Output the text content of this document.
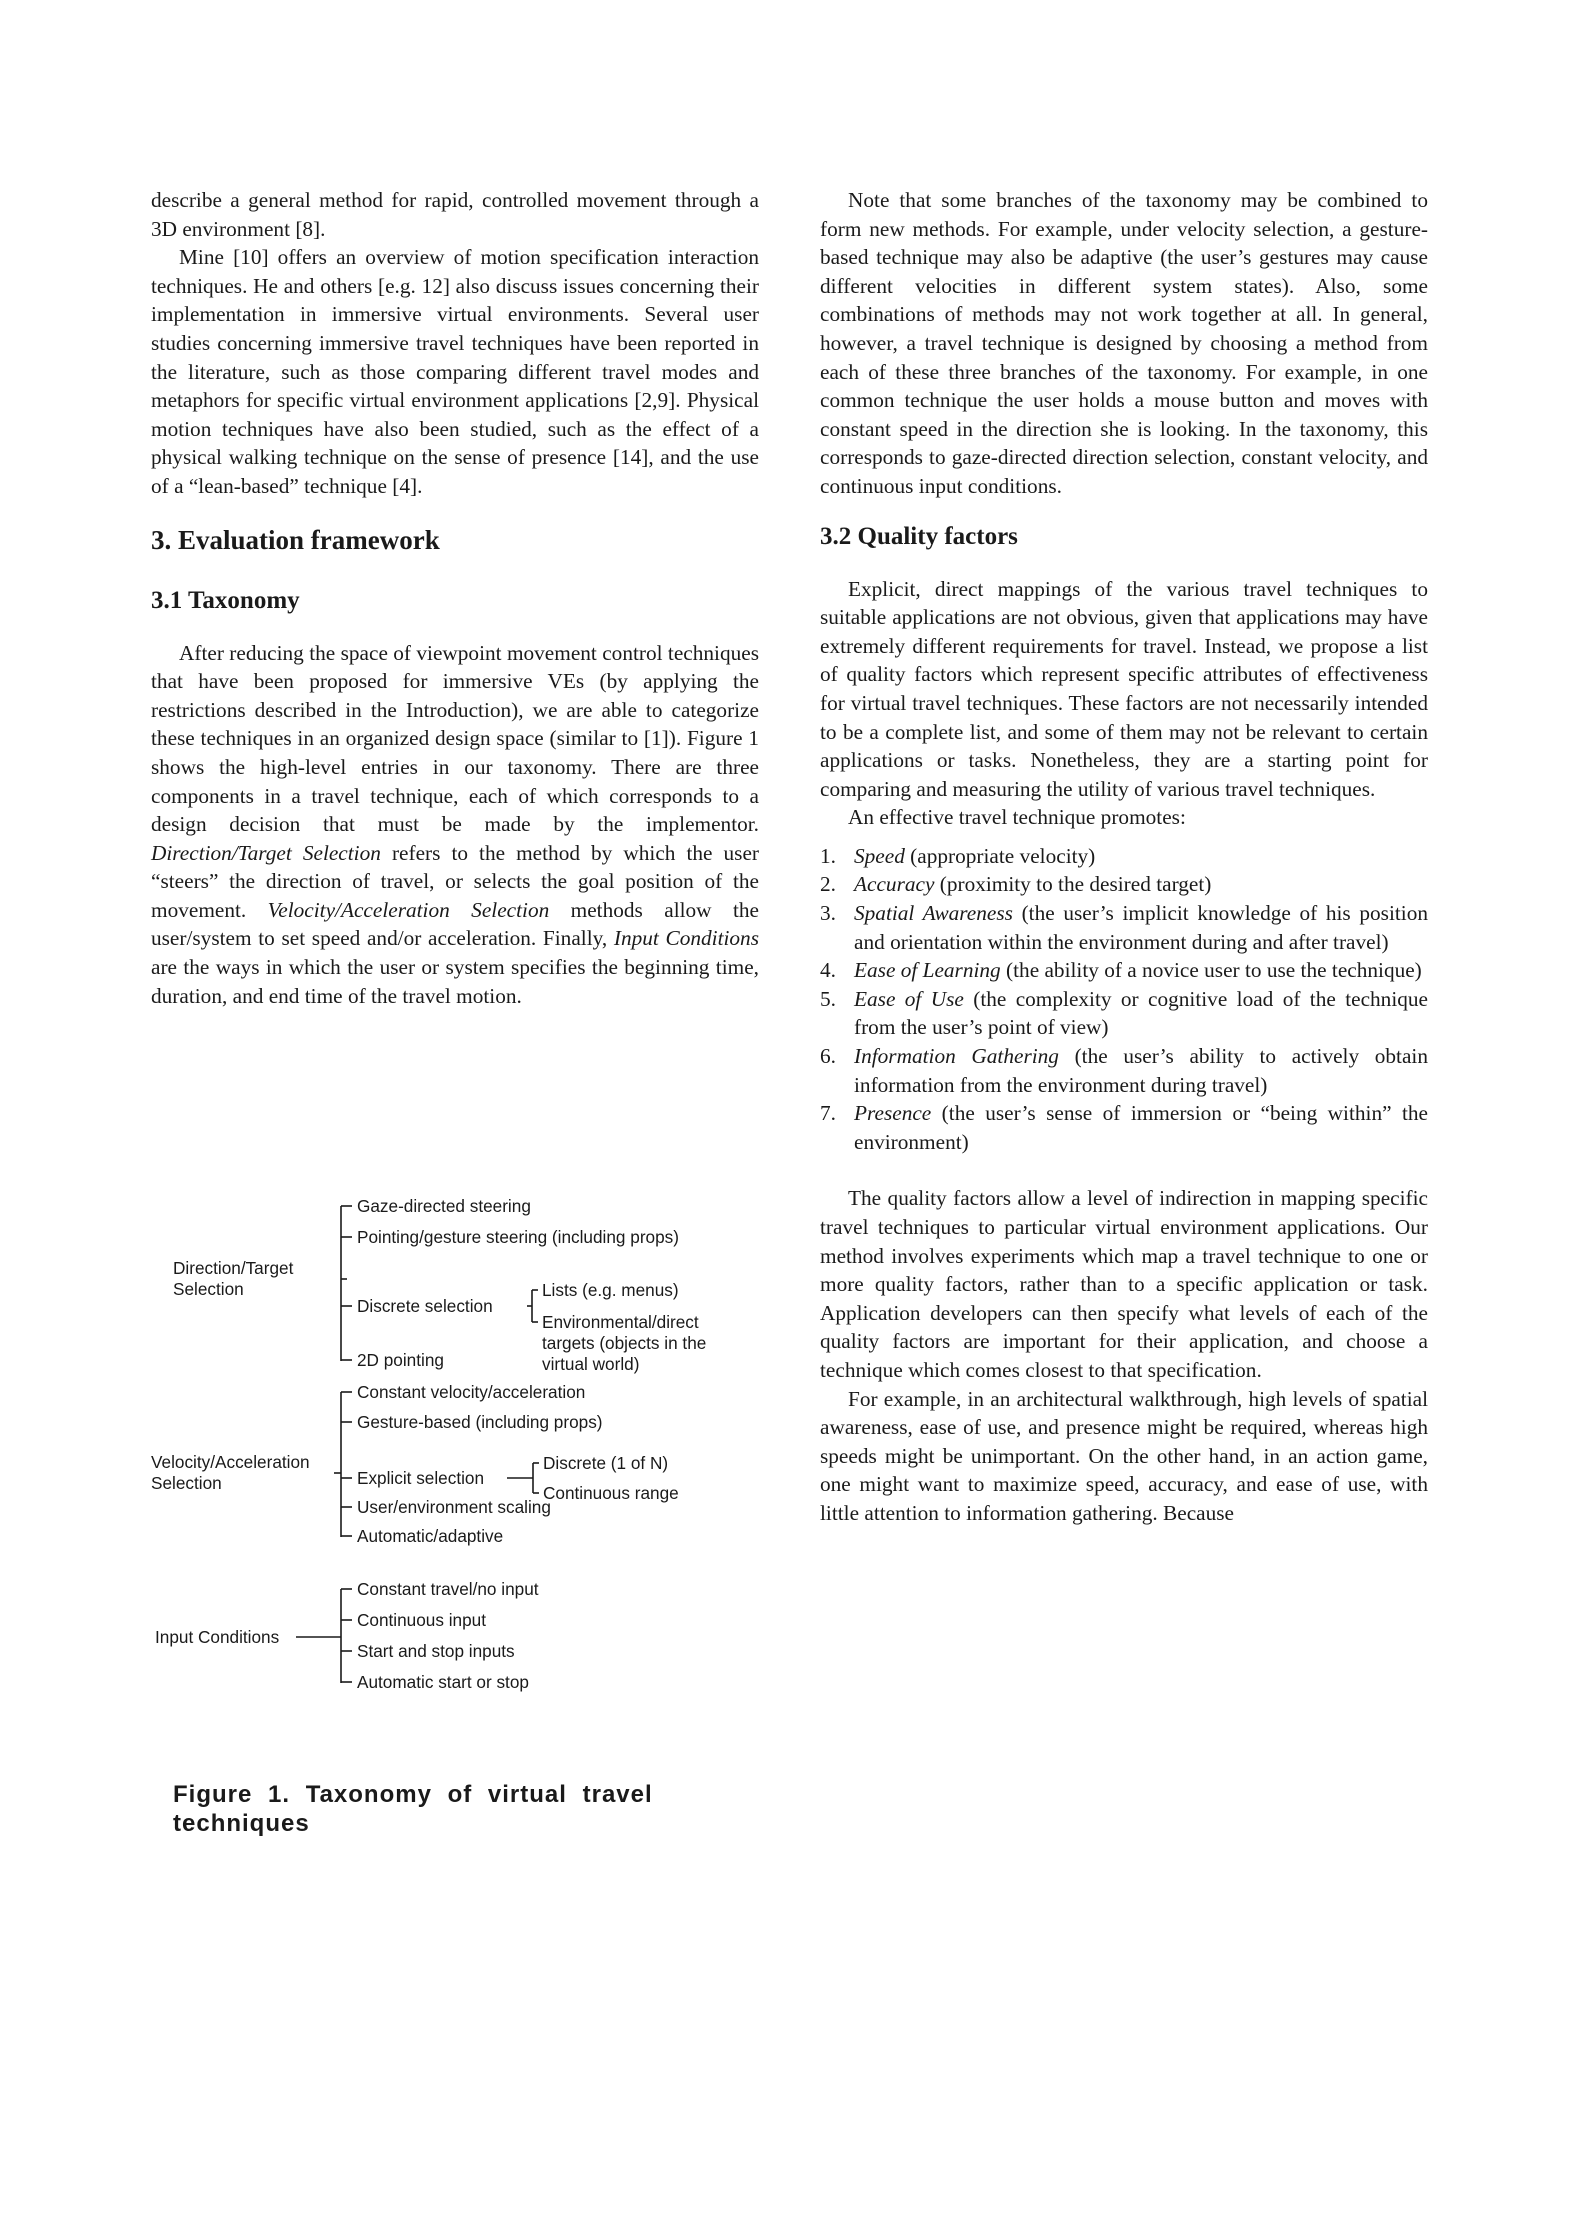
describe a general method for rapid, controlled movement through a 3D environment [8].

Mine [10] offers an overview of motion specification interaction techniques. He and others [e.g. 12] also discuss issues concerning their implementation in immersive virtual environments. Several user studies concerning immersive travel techniques have been reported in the literature, such as those comparing different travel modes and metaphors for specific virtual environment applications [2,9]. Physical motion techniques have also been studied, such as the effect of a physical walking technique on the sense of presence [14], and the use of a “lean-based” technique [4].

3. Evaluation framework
3.1 Taxonomy

After reducing the space of viewpoint movement control techniques that have been proposed for immersive VEs (by applying the restrictions described in the Introduction), we are able to categorize these techniques in an organized design space (similar to [1]). Figure 1 shows the high-level entries in our taxonomy. There are three components in a travel technique, each of which corresponds to a design decision that must be made by the implementor. Direction/Target Selection refers to the method by which the user “steers” the direction of travel, or selects the goal position of the movement. Velocity/Acceleration Selection methods allow the user/system to set speed and/or acceleration. Finally, Input Conditions are the ways in which the user or system specifies the beginning time, duration, and end time of the travel motion.

Direction/Target
Selection
Gaze-directed steering
Pointing/gesture steering (including props)
Discrete selection
Lists (e.g. menus)
Environmental/direct
targets (objects in the
virtual world)
2D pointing
Velocity/Acceleration
Selection
Constant velocity/acceleration
Gesture-based (including props)
Explicit selection
Discrete (1 of N)
Continuous range
User/environment scaling
Automatic/adaptive
Input Conditions
Constant travel/no input
Continuous input
Start and stop inputs
Automatic start or stop
Figure 1. Taxonomy of virtual travel techniques

Note that some branches of the taxonomy may be combined to form new methods. For example, under velocity selection, a gesture-based technique may also be adaptive (the user’s gestures may cause different velocities in different system states). Also, some combinations of methods may not work together at all. In general, however, a travel technique is designed by choosing a method from each of these three branches of the taxonomy. For example, in one common technique the user holds a mouse button and moves with constant speed in the direction she is looking. In the taxonomy, this corresponds to gaze-directed direction selection, constant velocity, and continuous input conditions.

3.2 Quality factors

Explicit, direct mappings of the various travel techniques to suitable applications are not obvious, given that applications may have extremely different requirements for travel. Instead, we propose a list of quality factors which represent specific attributes of effectiveness for virtual travel techniques. These factors are not necessarily intended to be a complete list, and some of them may not be relevant to certain applications or tasks. Nonetheless, they are a starting point for comparing and measuring the utility of various travel techniques.

An effective travel technique promotes:

1. Speed (appropriate velocity)
2. Accuracy (proximity to the desired target)
3. Spatial Awareness (the user’s implicit knowledge of his position and orientation within the environment during and after travel)
4. Ease of Learning (the ability of a novice user to use the technique)
5. Ease of Use (the complexity or cognitive load of the technique from the user’s point of view)
6. Information Gathering (the user’s ability to actively obtain information from the environment during travel)
7. Presence (the user’s sense of immersion or “being within” the environment)

The quality factors allow a level of indirection in mapping specific travel techniques to particular virtual environment applications. Our method involves experiments which map a travel technique to one or more quality factors, rather than to a specific application or task. Application developers can then specify what levels of each of the quality factors are important for their application, and choose a technique which comes closest to that specification.

For example, in an architectural walkthrough, high levels of spatial awareness, ease of use, and presence might be required, whereas high speeds might be unimportant. On the other hand, in an action game, one might want to maximize speed, accuracy, and ease of use, with little attention to information gathering. Because
